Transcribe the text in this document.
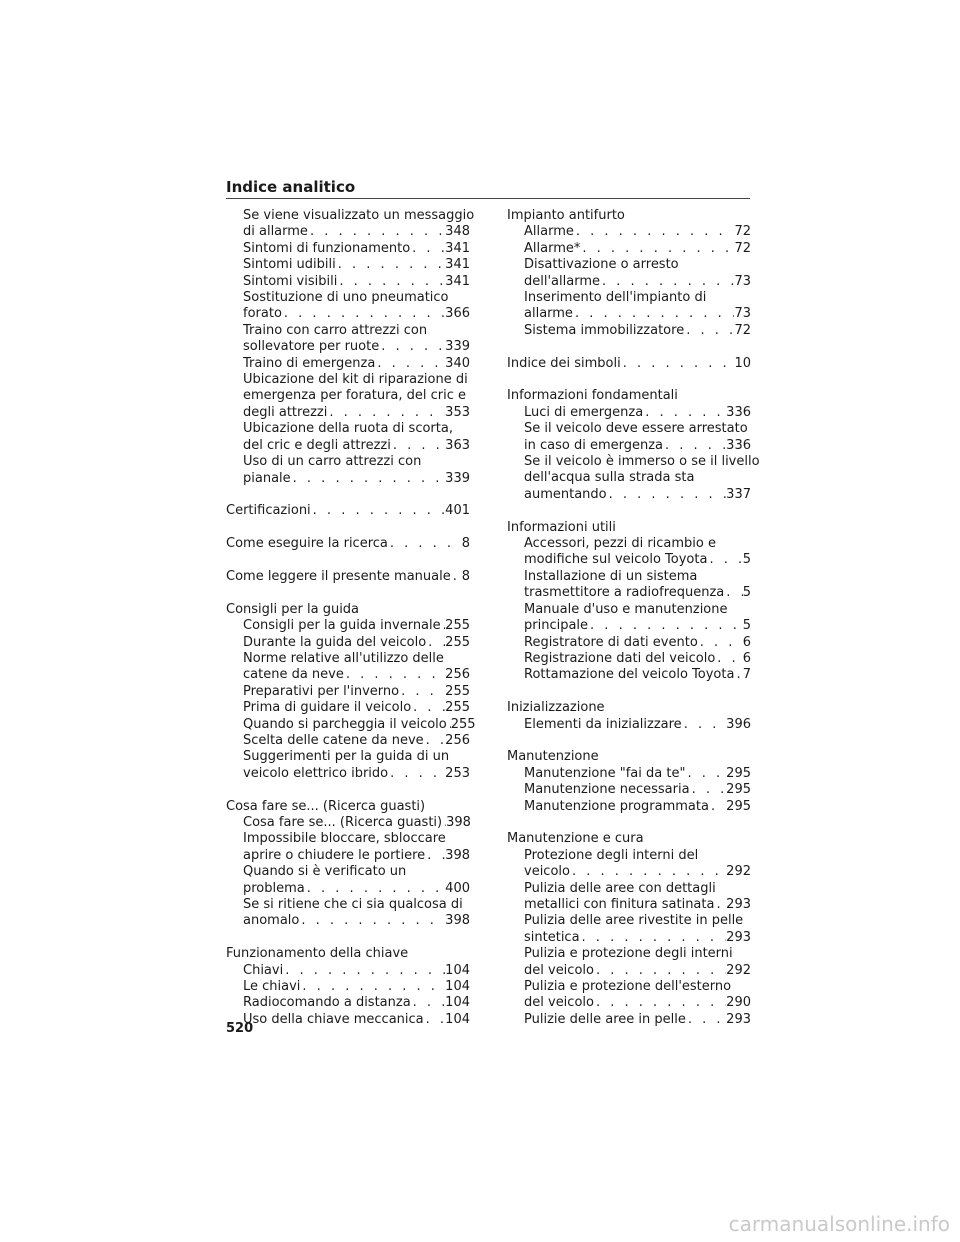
Indice analitico
Se viene visualizzato un messaggio
di allarme . . .	348
Sintomi di funzionamento . . .	341
Sintomi udibili . . .	341
Sintomi visibili . . .	341
Sostituzione di uno pneumatico
forato . . .	366
Traino con carro attrezzi con
sollevatore per ruote . . .	339
Traino di emergenza . . .	340
Ubicazione del kit di riparazione di
emergenza per foratura, del cric e
degli attrezzi . . .	353
Ubicazione della ruota di scorta,
del cric e degli attrezzi . . .	363
Uso di un carro attrezzi con
pianale . . .	339
Certificazioni . . .	401
Come eseguire la ricerca . . .	8
Come leggere il presente manuale . . . 8
Consigli per la guida
Consigli per la guida invernale . . . 255
Durante la guida del veicolo . . . 255
Norme relative all'utilizzo delle
catene da neve . . .	256
Preparativi per l'inverno . . .	255
Prima di guidare il veicolo . . .	255
Quando si parcheggia il veicolo . . . 255
Scelta delle catene da neve . . . 256
Suggerimenti per la guida di un
veicolo elettrico ibrido . . .	253
Cosa fare se... (Ricerca guasti)
Cosa fare se... (Ricerca guasti) . . . 398
Impossibile bloccare, sbloccare
aprire o chiudere le portiere . . . 398
Quando si è verificato un
problema . . .	400
Se si ritiene che ci sia qualcosa di
anomalo . . .	398
Funzionamento della chiave
Chiavi . . .	104
Le chiavi . . .	104
Radiocomando a distanza . . .	104
Uso della chiave meccanica . . . 104
Impianto antifurto
Allarme . . .	72
Allarme* . . .	72
Disattivazione o arresto
dell'allarme . . .	73
Inserimento dell'impianto di
allarme . . .	73
Sistema immobilizzatore . . .	72
Indice dei simboli . . .	10
Informazioni fondamentali
Luci di emergenza . . .	336
Se il veicolo deve essere arrestato
in caso di emergenza . . .	336
Se il veicolo è immerso o se il livello
dell'acqua sulla strada sta
aumentando . . .	337
Informazioni utili
Accessori, pezzi di ricambio e
modifiche sul veicolo Toyota . . .	5
Installazione di un sistema
trasmettitore a radiofrequenza . . . 5
Manuale d'uso e manutenzione
principale . . .	5
Registratore di dati evento . . .	6
Registrazione dati del veicolo . . . 6
Rottamazione del veicolo Toyota . . . 7
Inizializzazione
Elementi da inizializzare . . .	396
Manutenzione
Manutenzione "fai da te" . . .	295
Manutenzione necessaria . . .	295
Manutenzione programmata . . . 295
Manutenzione e cura
Protezione degli interni del
veicolo . . .	292
Pulizia delle aree con dettagli
metallici con finitura satinata . . . 293
Pulizia delle aree rivestite in pelle
sintetica . . .	293
Pulizia e protezione degli interni
del veicolo . . .	292
Pulizia e protezione dell'esterno
del veicolo . . .	290
Pulizie delle aree in pelle . . .	293
520
carmanualsonline.info
